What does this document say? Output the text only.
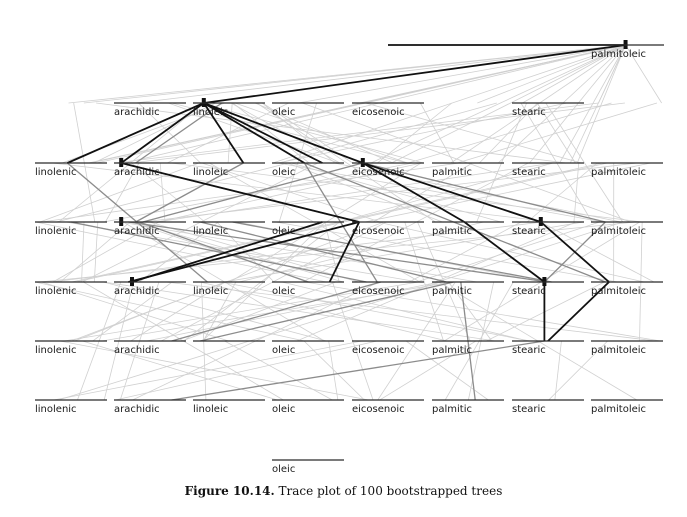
palmitoleic
arachidic	linoleic	oleic	eicosenoic	stearic
linolenic	arachidic	linoleic	oleic	eicosenoic	palmitic	stearic	palmitoleic
linolenic	arachidic	linoleic	oleic	eicosenoic	palmitic	stearic	palmitoleic
linolenic	arachidic	linoleic	oleic	eicosenoic	palmitic	stearic	palmitoleic
linolenic	arachidic	oleic	eicosenoic	palmitic	stearic	palmitoleic
linolenic	arachidic	linoleic	oleic	eicosenoic	palmitic	stearic	palmitoleic
oleic
Figure 10.14. Trace plot of 100 bootstrapped trees
